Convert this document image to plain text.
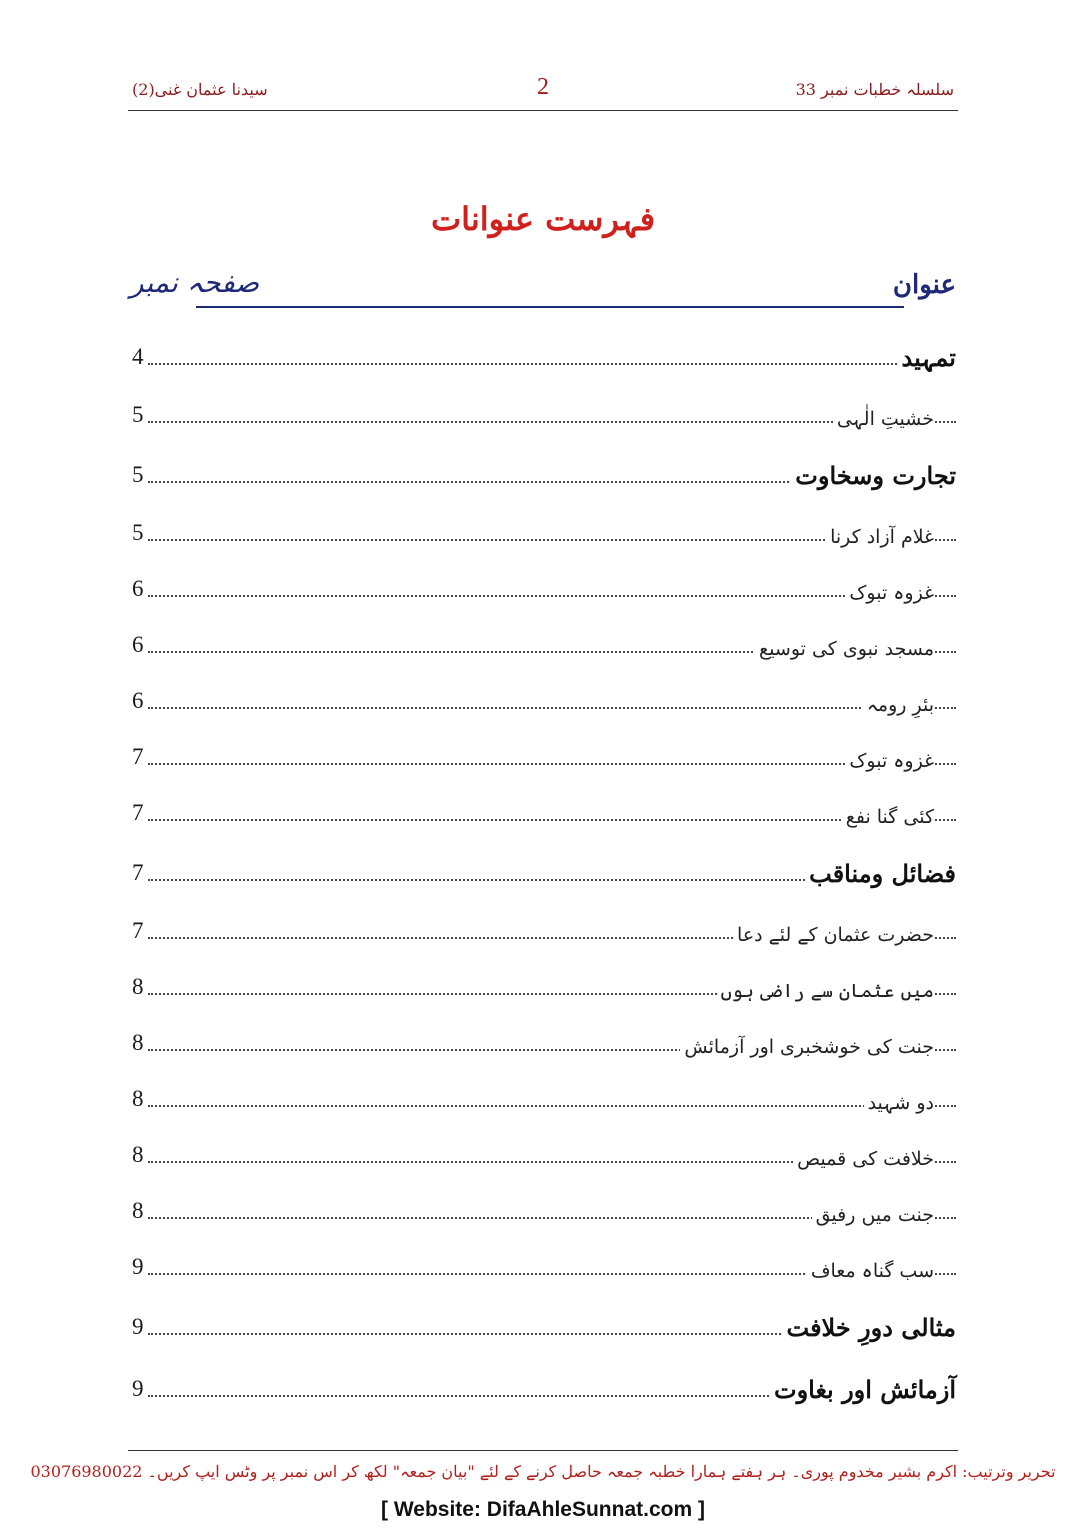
سلسلہ خطبات نمبر 33
2
سیدنا عثمان غنی(2)
فہرست عنوانات
عنوان
صفحہ نمبر
4	تمہید
5	خشیتِ الٰہی
5	تجارت وسخاوت
5	غلام آزاد کرنا
6	غزوہ تبوک
6	مسجد نبوی کی توسیع
6	بئرِ رومہ
7	غزوہ تبوک
7	کئی گنا نفع
7	فضائل ومناقب
7	حضرت عثمان کے لئے دعا
8	میں عثمان سے راضی ہوں
8	جنت کی خوشخبری اور آزمائش
8	دو شہید
8	خلافت کی قمیص
8	جنت میں رفیق
9	سب گناہ معاف
9	مثالی دورِ خلافت
9	آزمائش اور بغاوت
تحریر وترتیب: اکرم بشیر مخدوم پوری۔ ہر ہفتے ہمارا خطبہ جمعہ حاصل کرنے کے لئے "بیان جمعہ" لکھ کر اس نمبر پر وٹس ایپ کریں۔ 03076980022
[ Website: DifaAhleSunnat.com ]
